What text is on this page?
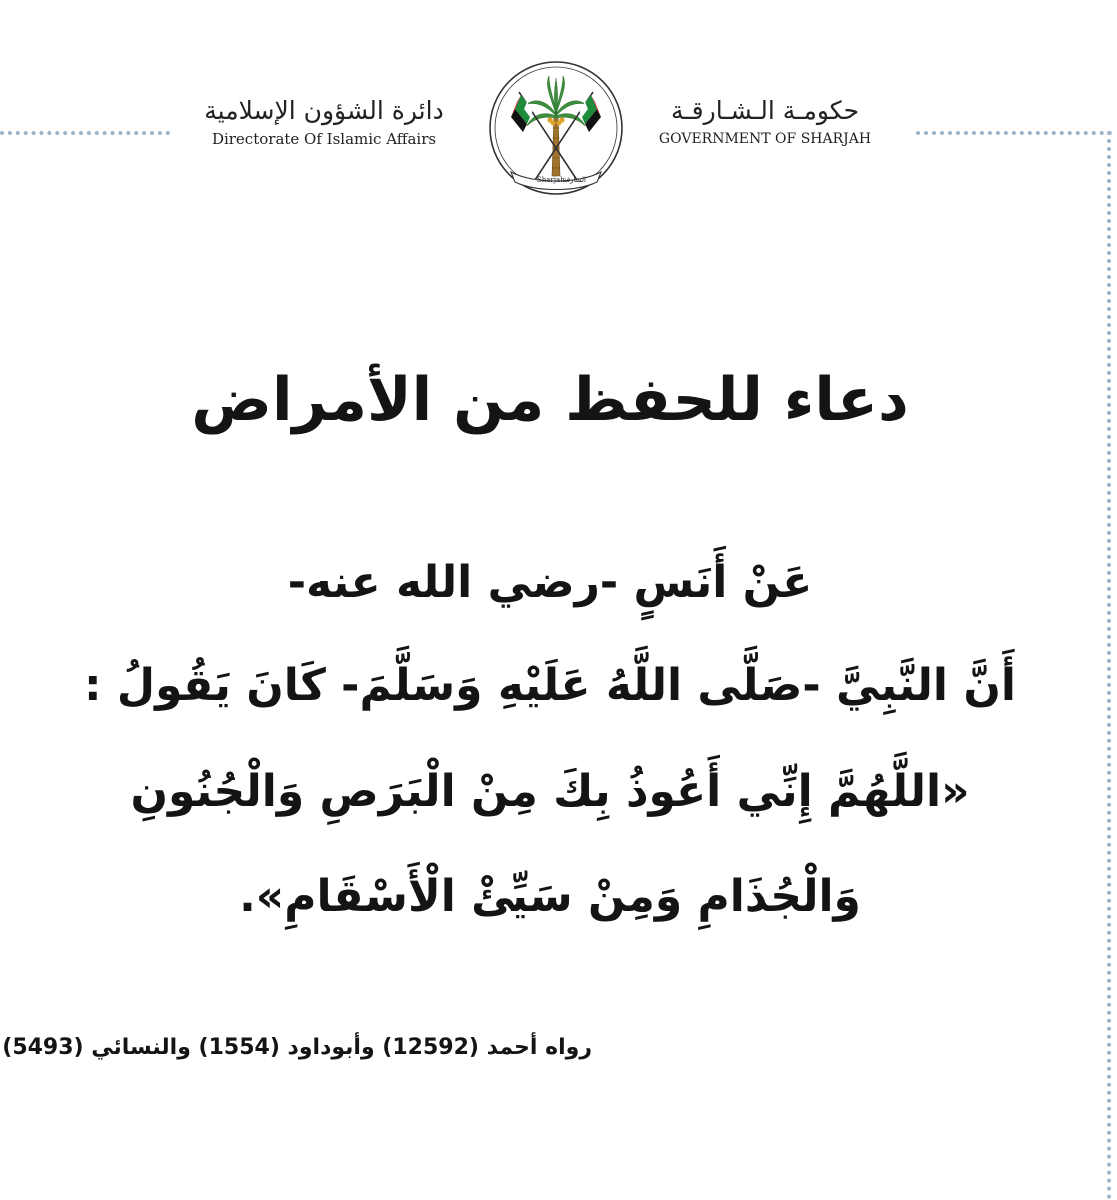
حكومـة الـشـارقـة
GOVERNMENT OF SHARJAH
Sharjah
الشارقة
دائرة الشؤون الإسلامية
Directorate Of Islamic Affairs
دعاء للحفظ من الأمراض
عَنْ أَنَسٍ -رضي الله عنه-
أَنَّ النَّبِيَّ -صَلَّى اللَّهُ عَلَيْهِ وَسَلَّمَ- كَانَ يَقُولُ :
«اللَّهُمَّ إِنِّي أَعُوذُ بِكَ مِنْ الْبَرَصِ وَالْجُنُونِ
وَالْجُذَامِ وَمِنْ سَيِّئْ الْأَسْقَامِ».
رواه أحمد (12592) وأبوداود (1554) والنسائي (5493)
